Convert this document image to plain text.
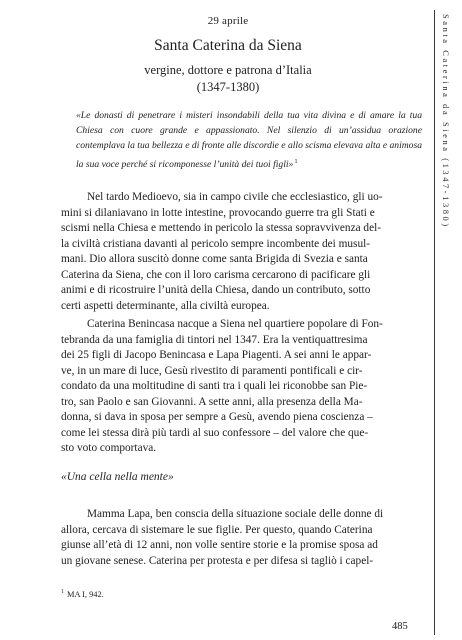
29 aprile
Santa Caterina da Siena
vergine, dottore e patrona d’Italia
(1347-1380)
«Le donasti di penetrare i misteri insondabili della tua vita divina e di amare la tua Chiesa con cuore grande e appassionato. Nel silenzio di un’assidua orazione contemplava la tua bellezza e di fronte alle discordie e allo scisma elevava alta e animosa la sua voce perché si ricomponesse l’unità dei tuoi figli»$^1$
Nel tardo Medioevo, sia in campo civile che ecclesiastico, gli uo-
mini si dilaniavano in lotte intestine, provocando guerre tra gli Stati e
scismi nella Chiesa e mettendo in pericolo la stessa sopravvivenza del-
la civiltà cristiana davanti al pericolo sempre incombente dei musul-
mani. Dio allora suscitò donne come santa Brigida di Svezia e santa
Caterina da Siena, che con il loro carisma cercarono di pacificare gli
animi e di ricostruire l’unità della Chiesa, dando un contributo, sotto
certi aspetti determinante, alla civiltà europea.
Caterina Benincasa nacque a Siena nel quartiere popolare di Fon-
tebranda da una famiglia di tintori nel 1347. Era la ventiquattresima
dei 25 figli di Jacopo Benincasa e Lapa Piagenti. A sei anni le appar-
ve, in un mare di luce, Gesù rivestito di paramenti pontificali e cir-
condato da una moltitudine di santi tra i quali lei riconobbe san Pie-
tro, san Paolo e san Giovanni. A sette anni, alla presenza della Ma-
donna, si dava in sposa per sempre a Gesù, avendo piena coscienza –
come lei stessa dirà più tardi al suo confessore – del valore che que-
sto voto comportava.
«Una cella nella mente»
Mamma Lapa, ben conscia della situazione sociale delle donne di
allora, cercava di sistemare le sue figlie. Per questo, quando Caterina
giunse all’età di 12 anni, non volle sentire storie e la promise sposa ad
un giovane senese. Caterina per protesta e per difesa si tagliò i capel-
$^1$ MA I, 942.
485
Santa Caterina da Siena (1347-1380)
